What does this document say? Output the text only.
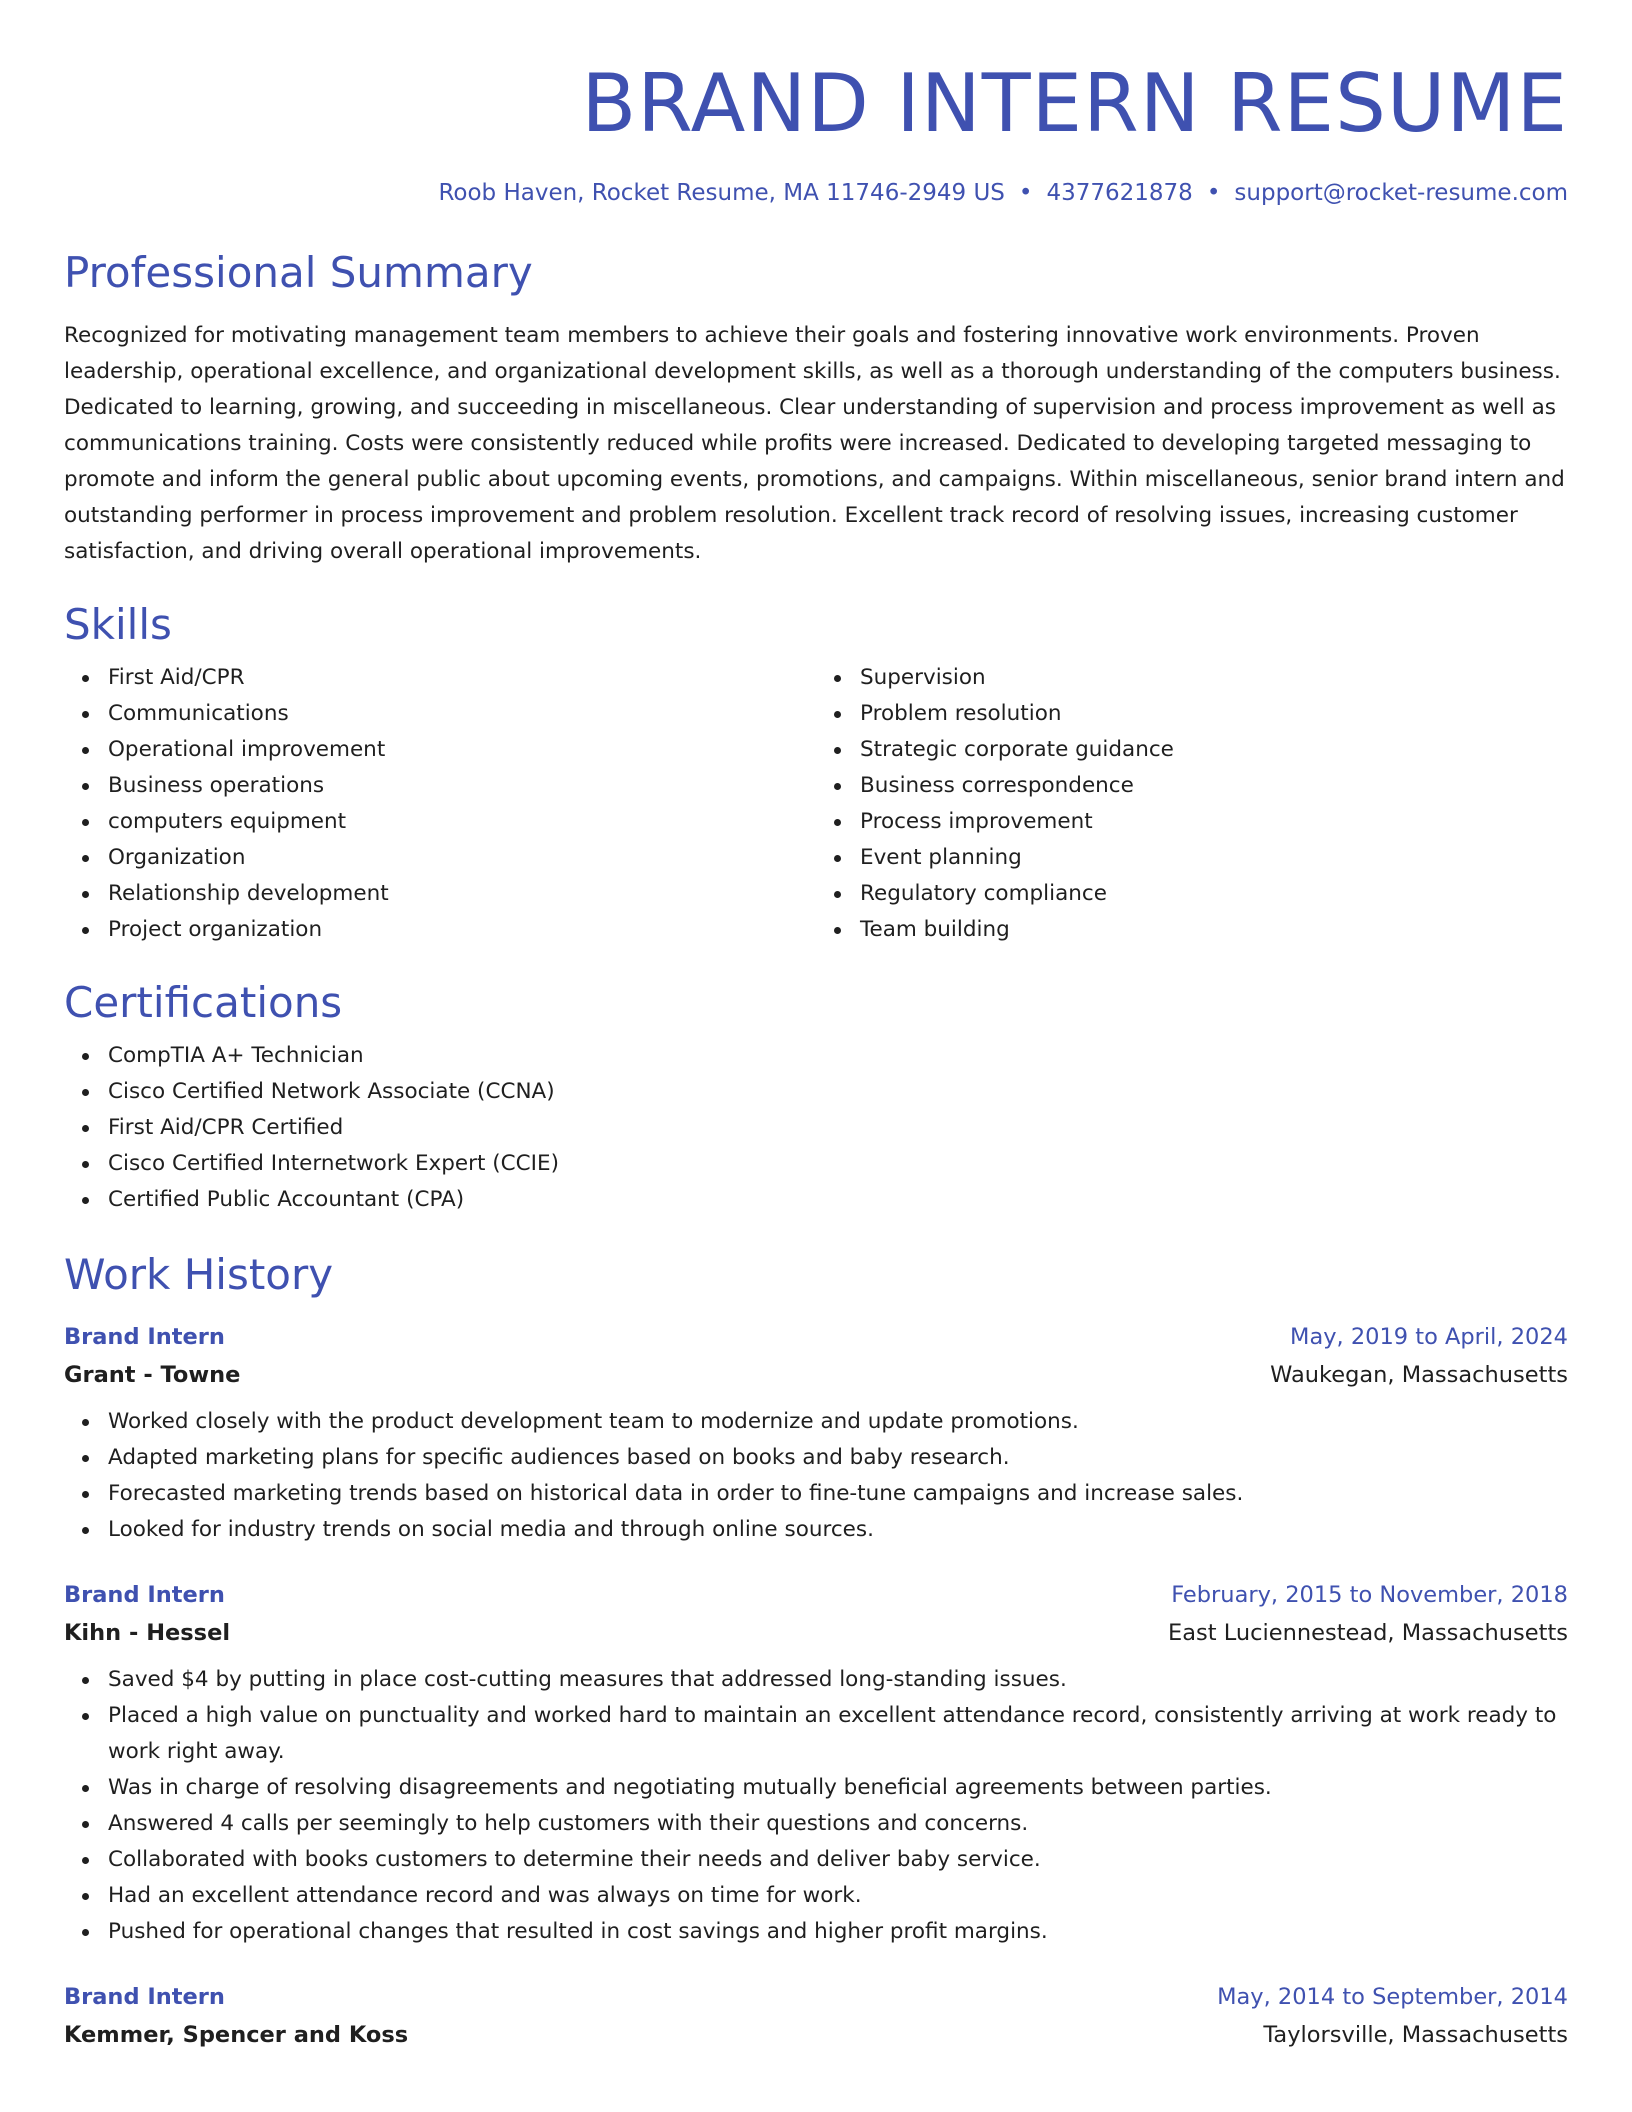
BRAND INTERN RESUME
Roob Haven, Rocket Resume, MA 11746-2949 US • 4377621878 • support@rocket-resume.com
Professional Summary

Recognized for motivating management team members to achieve their goals and fostering innovative work environments. Proven leadership, operational excellence, and organizational development skills, as well as a thorough understanding of the computers business. Dedicated to learning, growing, and succeeding in miscellaneous. Clear understanding of supervision and process improvement as well as communications training. Costs were consistently reduced while profits were increased. Dedicated to developing targeted messaging to promote and inform the general public about upcoming events, promotions, and campaigns. Within miscellaneous, senior brand intern and outstanding performer in process improvement and problem resolution. Excellent track record of resolving issues, increasing customer satisfaction, and driving overall operational improvements.

Skills
First Aid/CPR
Communications
Operational improvement
Business operations
computers equipment
Organization
Relationship development
Project organization
Supervision
Problem resolution
Strategic corporate guidance
Business correspondence
Process improvement
Event planning
Regulatory compliance
Team building
Certifications
CompTIA A+ Technician
Cisco Certified Network Associate (CCNA)
First Aid/CPR Certified
Cisco Certified Internetwork Expert (CCIE)
Certified Public Accountant (CPA)
Work History
Brand Intern	May, 2019 to April, 2024
Grant - Towne	Waukegan, Massachusetts
Worked closely with the product development team to modernize and update promotions.
Adapted marketing plans for specific audiences based on books and baby research.
Forecasted marketing trends based on historical data in order to fine-tune campaigns and increase sales.
Looked for industry trends on social media and through online sources.
Brand Intern	February, 2015 to November, 2018
Kihn - Hessel	East Luciennestead, Massachusetts
Saved $4 by putting in place cost-cutting measures that addressed long-standing issues.
Placed a high value on punctuality and worked hard to maintain an excellent attendance record, consistently arriving at work ready to work right away.
Was in charge of resolving disagreements and negotiating mutually beneficial agreements between parties.
Answered 4 calls per seemingly to help customers with their questions and concerns.
Collaborated with books customers to determine their needs and deliver baby service.
Had an excellent attendance record and was always on time for work.
Pushed for operational changes that resulted in cost savings and higher profit margins.
Brand Intern	May, 2014 to September, 2014
Kemmer, Spencer and Koss	Taylorsville, Massachusetts
